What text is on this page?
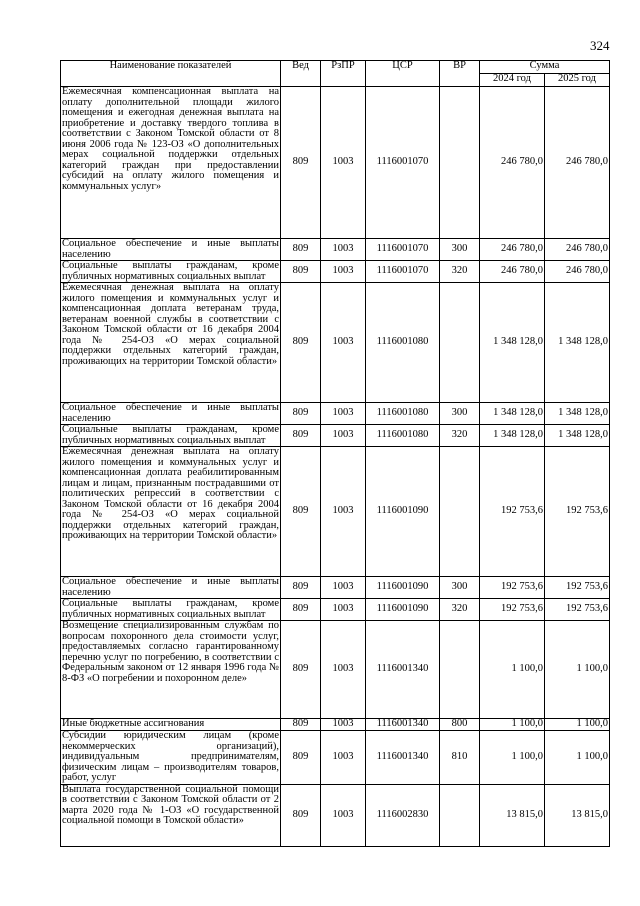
324
Наименование показателей	Вед	РзПР	ЦСР	ВР	Сумма	
					2024 год	2025 год
Ежемесячная компенсационная выплата на оплату дополнительной площади жилого помещения и ежегодная денежная выплата на приобретение и доставку твердого топлива в соответствии с Законом Томской области от 8 июня 2006 года № 123-ОЗ «О дополнительных мерах социальной поддержки отдельных категорий граждан при предоставлении субсидий на оплату жилого помещения и коммунальных услуг»	809	1003	1116001070		246 780,0	246 780,0
Социальное обеспечение и иные выплаты населению	809	1003	1116001070	300	246 780,0	246 780,0
Социальные выплаты гражданам, кроме публичных нормативных социальных выплат	809	1003	1116001070	320	246 780,0	246 780,0
Ежемесячная денежная выплата на оплату жилого помещения и коммунальных услуг и компенсационная доплата ветеранам труда, ветеранам военной службы в соответствии с Законом Томской области от 16 декабря 2004 года № 254-ОЗ «О мерах социальной поддержки отдельных категорий граждан, проживающих на территории Томской области»	809	1003	1116001080		1 348 128,0	1 348 128,0
Социальное обеспечение и иные выплаты населению	809	1003	1116001080	300	1 348 128,0	1 348 128,0
Социальные выплаты гражданам, кроме публичных нормативных социальных выплат	809	1003	1116001080	320	1 348 128,0	1 348 128,0
Ежемесячная денежная выплата на оплату жилого помещения и коммунальных услуг и компенсационная доплата реабилитированным лицам и лицам, признанным пострадавшими от политических репрессий в соответствии с Законом Томской области от 16 декабря 2004 года № 254-ОЗ «О мерах социальной поддержки отдельных категорий граждан, проживающих на территории Томской области»	809	1003	1116001090		192 753,6	192 753,6
Социальное обеспечение и иные выплаты населению	809	1003	1116001090	300	192 753,6	192 753,6
Социальные выплаты гражданам, кроме публичных нормативных социальных выплат	809	1003	1116001090	320	192 753,6	192 753,6
Возмещение специализированным службам по вопросам похоронного дела стоимости услуг, предоставляемых согласно гарантированному перечню услуг по погребению, в соответствии с Федеральным законом от 12 января 1996 года № 8-ФЗ «О погребении и похоронном деле»	809	1003	1116001340		1 100,0	1 100,0
Иные бюджетные ассигнования	809	1003	1116001340	800	1 100,0	1 100,0
Субсидии юридическим лицам (кроме некоммерческих организаций), индивидуальным предпринимателям, физическим лицам – производителям товаров, работ, услуг	809	1003	1116001340	810	1 100,0	1 100,0
Выплата государственной социальной помощи в соответствии с Законом Томской области от 2 марта 2020 года № 1-ОЗ «О государственной социальной помощи в Томской области»	809	1003	1116002830		13 815,0	13 815,0
